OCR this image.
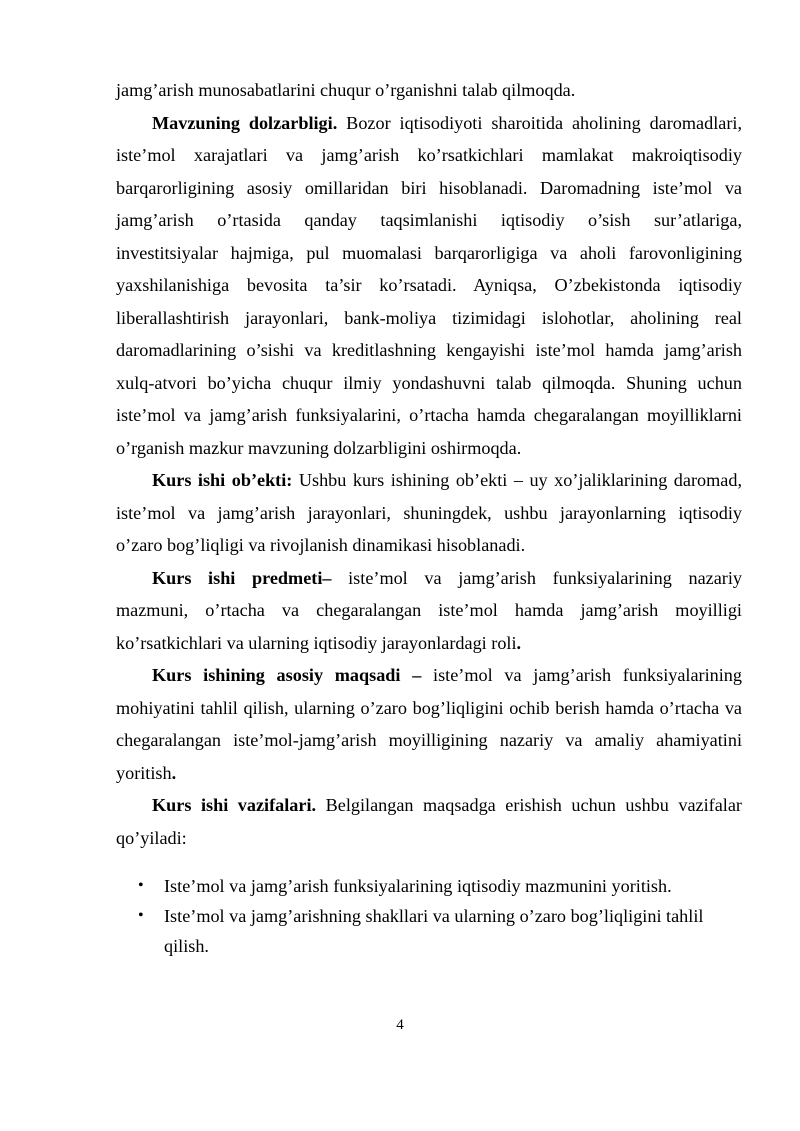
jamg’arish munosabatlarini chuqur o’rganishni talab qilmoqda.
Mavzuning dolzarbligi. Bozor iqtisodiyoti sharoitida aholining daromadlari,
iste’mol xarajatlari va jamg’arish ko’rsatkichlari mamlakat makroiqtisodiy
barqarorligining asosiy omillaridan biri hisoblanadi. Daromadning iste’mol va
jamg’arish o’rtasida qanday taqsimlanishi iqtisodiy o’sish sur’atlariga,
investitsiyalar hajmiga, pul muomalasi barqarorligiga va aholi farovonligining
yaxshilanishiga bevosita ta’sir ko’rsatadi. Ayniqsa, O’zbekistonda iqtisodiy
liberallashtirish jarayonlari, bank-moliya tizimidagi islohotlar, aholining real
daromadlarining o’sishi va kreditlashning kengayishi iste’mol hamda jamg’arish
xulq-atvori bo’yicha chuqur ilmiy yondashuvni talab qilmoqda. Shuning uchun
iste’mol va jamg’arish funksiyalarini, o’rtacha hamda chegaralangan moyilliklarni
o’rganish mazkur mavzuning dolzarbligini oshirmoqda.
Kurs ishi ob’ekti: Ushbu kurs ishining ob’ekti – uy xo’jaliklarining daromad,
iste’mol va jamg’arish jarayonlari, shuningdek, ushbu jarayonlarning iqtisodiy
o’zaro bog’liqligi va rivojlanish dinamikasi hisoblanadi.
Kurs ishi predmeti– iste’mol va jamg’arish funksiyalarining nazariy
mazmuni, o’rtacha va chegaralangan iste’mol hamda jamg’arish moyilligi
ko’rsatkichlari va ularning iqtisodiy jarayonlardagi roli.
Kurs ishining asosiy maqsadi – iste’mol va jamg’arish funksiyalarining
mohiyatini tahlil qilish, ularning o’zaro bog’liqligini ochib berish hamda o’rtacha va
chegaralangan iste’mol-jamg’arish moyilligining nazariy va amaliy ahamiyatini
yoritish.
Kurs ishi vazifalari. Belgilangan maqsadga erishish uchun ushbu vazifalar
qo’yiladi:
• Iste’mol va jamg’arish funksiyalarining iqtisodiy mazmunini yoritish.
• Iste’mol va jamg’arishning shakllari va ularning o’zaro bog’liqligini tahlil
qilish.
4
